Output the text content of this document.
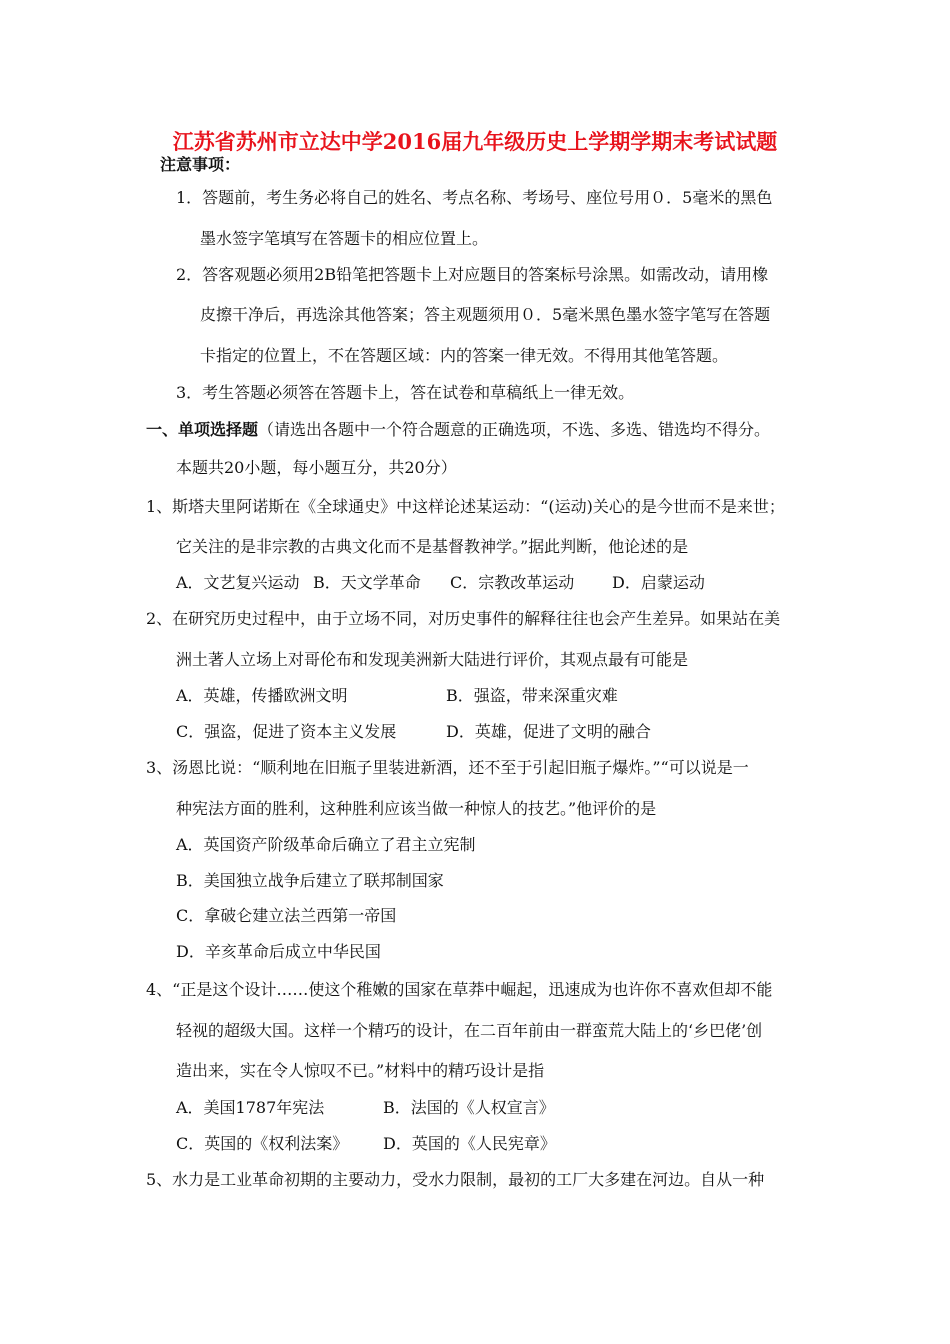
江苏省苏州市立达中学2016届九年级历史上学期学期末考试试题
注意事项：
1．答题前，考生务必将自己的姓名、考点名称、考场号、座位号用０．5毫米的黑色
墨水签字笔填写在答题卡的相应位置上。
2．答客观题必须用2B铅笔把答题卡上对应题目的答案标号涂黑。如需改动，请用橡
皮擦干净后，再选涂其他答案；答主观题须用０．5毫米黑色墨水签字笔写在答题
卡指定的位置上，不在答题区域：内的答案一律无效。不得用其他笔答题。
3．考生答题必须答在答题卡上，答在试卷和草稿纸上一律无效。
一、单项选择题（请选出各题中一个符合题意的正确选项，不选、多选、错选均不得分。
本题共20小题，每小题互分，共20分）
1、斯塔夫里阿诺斯在《全球通史》中这样论述某运动：“(运动)关心的是今世而不是来世；
它关注的是非宗教的古典文化而不是基督教神学。”据此判断，他论述的是
A．文艺复兴运动 B．天文学革命 C．宗教改革运动 D．启蒙运动
2、在研究历史过程中，由于立场不同，对历史事件的解释往往也会产生差异。如果站在美
洲土著人立场上对哥伦布和发现美洲新大陆进行评价，其观点最有可能是
A．英雄，传播欧洲文明	B．强盗，带来深重灾难
C．强盗，促进了资本主义发展	D．英雄，促进了文明的融合
3、汤恩比说：“顺利地在旧瓶子里装进新酒，还不至于引起旧瓶子爆炸。”“可以说是一
种宪法方面的胜利，这种胜利应该当做一种惊人的技艺。”他评价的是
A．英国资产阶级革命后确立了君主立宪制
B．美国独立战争后建立了联邦制国家
C．拿破仑建立法兰西第一帝国
D．辛亥革命后成立中华民国
4、“正是这个设计……使这个稚嫩的国家在草莽中崛起，迅速成为也许你不喜欢但却不能
轻视的超级大国。这样一个精巧的设计，在二百年前由一群蛮荒大陆上的‘乡巴佬’创
造出来，实在令人惊叹不已。”材料中的精巧设计是指
A．美国1787年宪法	B．法国的《人权宣言》
C．英国的《权利法案》 D．英国的《人民宪章》
5、水力是工业革命初期的主要动力，受水力限制，最初的工厂大多建在河边。自从一种
